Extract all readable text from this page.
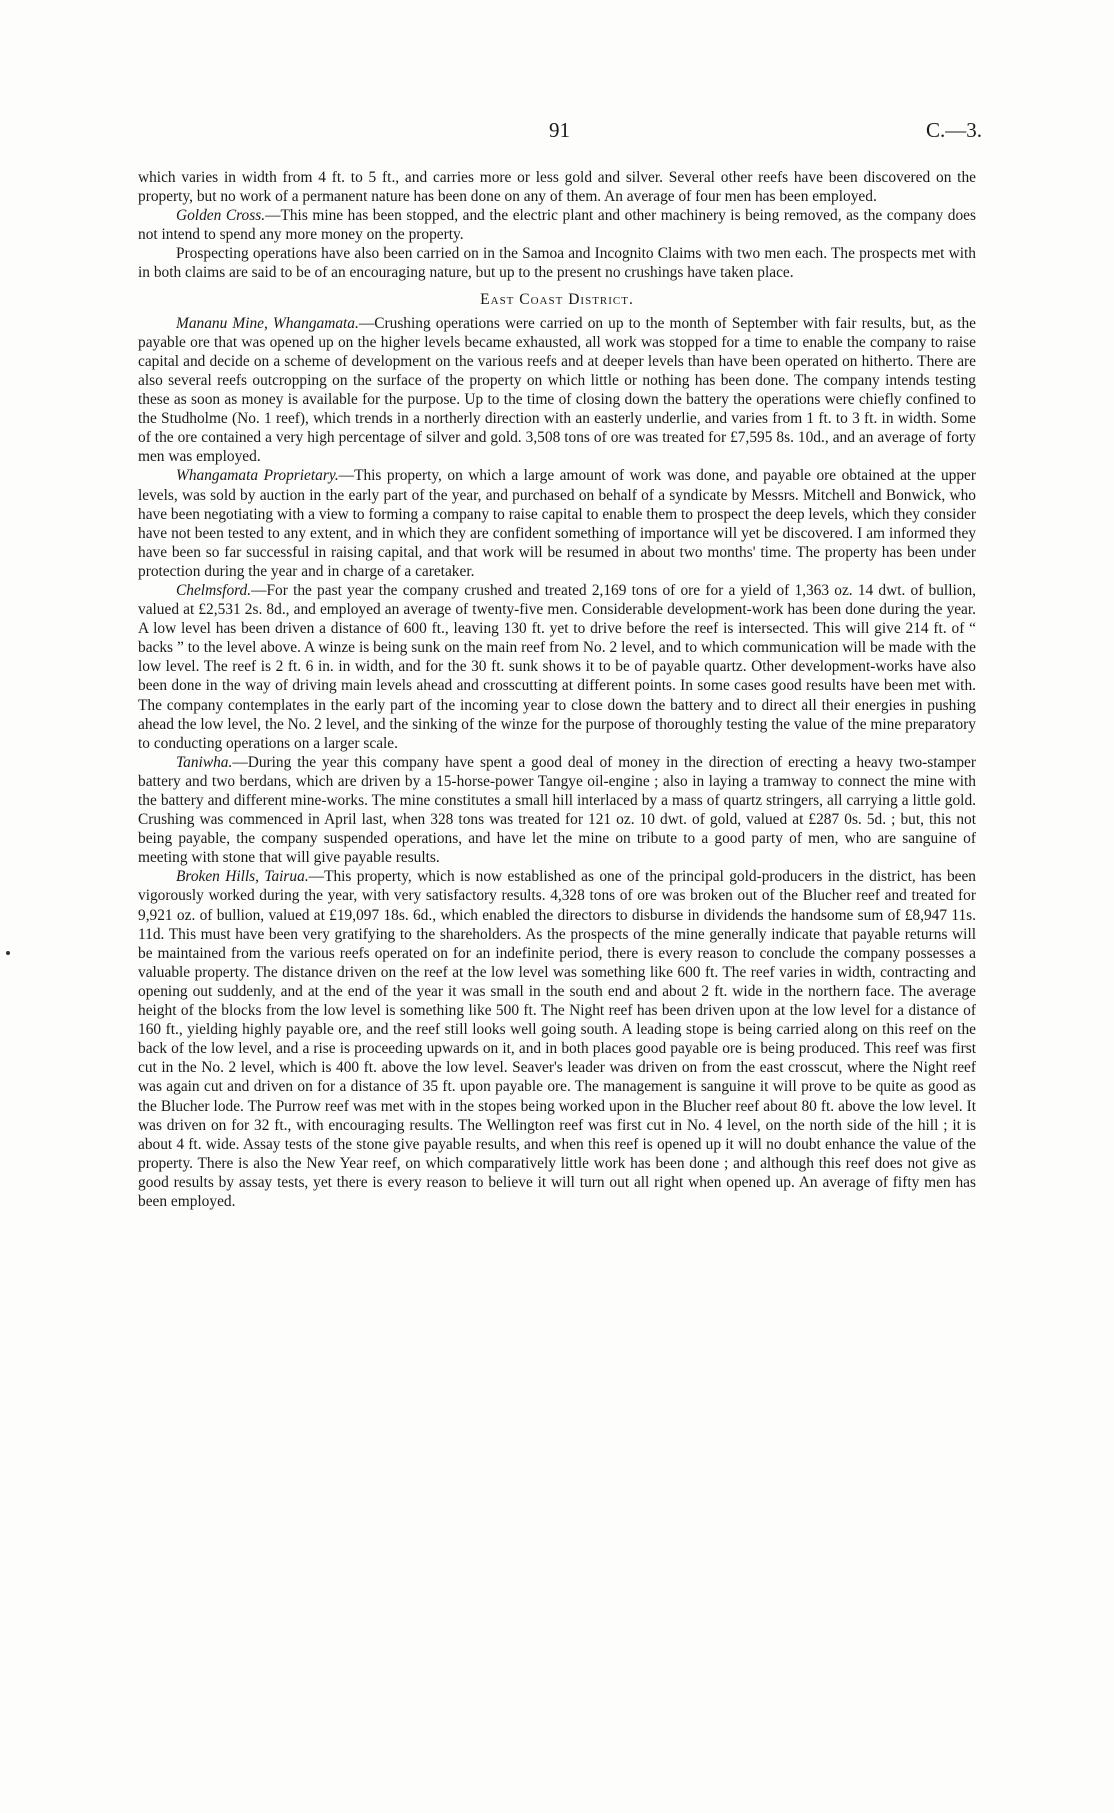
91	C.—3.

which varies in width from 4 ft. to 5 ft., and carries more or less gold and silver. Several other reefs have been discovered on the property, but no work of a permanent nature has been done on any of them. An average of four men has been employed.

Golden Cross.—This mine has been stopped, and the electric plant and other machinery is being removed, as the company does not intend to spend any more money on the property.

Prospecting operations have also been carried on in the Samoa and Incognito Claims with two men each. The prospects met with in both claims are said to be of an encouraging nature, but up to the present no crushings have taken place.

East Coast District.

Mananu Mine, Whangamata.—Crushing operations were carried on up to the month of September with fair results, but, as the payable ore that was opened up on the higher levels became exhausted, all work was stopped for a time to enable the company to raise capital and decide on a scheme of development on the various reefs and at deeper levels than have been operated on hitherto. There are also several reefs outcropping on the surface of the property on which little or nothing has been done. The company intends testing these as soon as money is available for the purpose. Up to the time of closing down the battery the operations were chiefly confined to the Studholme (No. 1 reef), which trends in a northerly direction with an easterly underlie, and varies from 1 ft. to 3 ft. in width. Some of the ore contained a very high percentage of silver and gold. 3,508 tons of ore was treated for £7,595 8s. 10d., and an average of forty men was employed.

Whangamata Proprietary.—This property, on which a large amount of work was done, and payable ore obtained at the upper levels, was sold by auction in the early part of the year, and purchased on behalf of a syndicate by Messrs. Mitchell and Bonwick, who have been negotiating with a view to forming a company to raise capital to enable them to prospect the deep levels, which they consider have not been tested to any extent, and in which they are confident something of importance will yet be discovered. I am informed they have been so far successful in raising capital, and that work will be resumed in about two months' time. The property has been under protection during the year and in charge of a caretaker.

Chelmsford.—For the past year the company crushed and treated 2,169 tons of ore for a yield of 1,363 oz. 14 dwt. of bullion, valued at £2,531 2s. 8d., and employed an average of twenty-five men. Considerable development-work has been done during the year. A low level has been driven a distance of 600 ft., leaving 130 ft. yet to drive before the reef is intersected. This will give 214 ft. of “ backs ” to the level above. A winze is being sunk on the main reef from No. 2 level, and to which communication will be made with the low level. The reef is 2 ft. 6 in. in width, and for the 30 ft. sunk shows it to be of payable quartz. Other development-works have also been done in the way of driving main levels ahead and crosscutting at different points. In some cases good results have been met with. The company contemplates in the early part of the incoming year to close down the battery and to direct all their energies in pushing ahead the low level, the No. 2 level, and the sinking of the winze for the purpose of thoroughly testing the value of the mine preparatory to conducting operations on a larger scale.

Taniwha.—During the year this company have spent a good deal of money in the direction of erecting a heavy two-stamper battery and two berdans, which are driven by a 15-horse-power Tangye oil-engine ; also in laying a tramway to connect the mine with the battery and different mine-works. The mine constitutes a small hill interlaced by a mass of quartz stringers, all carrying a little gold. Crushing was commenced in April last, when 328 tons was treated for 121 oz. 10 dwt. of gold, valued at £287 0s. 5d. ; but, this not being payable, the company suspended operations, and have let the mine on tribute to a good party of men, who are sanguine of meeting with stone that will give payable results.

Broken Hills, Tairua.—This property, which is now established as one of the principal gold-producers in the district, has been vigorously worked during the year, with very satisfactory results. 4,328 tons of ore was broken out of the Blucher reef and treated for 9,921 oz. of bullion, valued at £19,097 18s. 6d., which enabled the directors to disburse in dividends the handsome sum of £8,947 11s. 11d. This must have been very gratifying to the shareholders. As the prospects of the mine generally indicate that payable returns will be maintained from the various reefs operated on for an indefinite period, there is every reason to conclude the company possesses a valuable property. The distance driven on the reef at the low level was something like 600 ft. The reef varies in width, contracting and opening out suddenly, and at the end of the year it was small in the south end and about 2 ft. wide in the northern face. The average height of the blocks from the low level is something like 500 ft. The Night reef has been driven upon at the low level for a distance of 160 ft., yielding highly payable ore, and the reef still looks well going south. A leading stope is being carried along on this reef on the back of the low level, and a rise is proceeding upwards on it, and in both places good payable ore is being produced. This reef was first cut in the No. 2 level, which is 400 ft. above the low level. Seaver's leader was driven on from the east crosscut, where the Night reef was again cut and driven on for a distance of 35 ft. upon payable ore. The management is sanguine it will prove to be quite as good as the Blucher lode. The Purrow reef was met with in the stopes being worked upon in the Blucher reef about 80 ft. above the low level. It was driven on for 32 ft., with encouraging results. The Wellington reef was first cut in No. 4 level, on the north side of the hill ; it is about 4 ft. wide. Assay tests of the stone give payable results, and when this reef is opened up it will no doubt enhance the value of the property. There is also the New Year reef, on which comparatively little work has been done ; and although this reef does not give as good results by assay tests, yet there is every reason to believe it will turn out all right when opened up. An average of fifty men has been employed.
